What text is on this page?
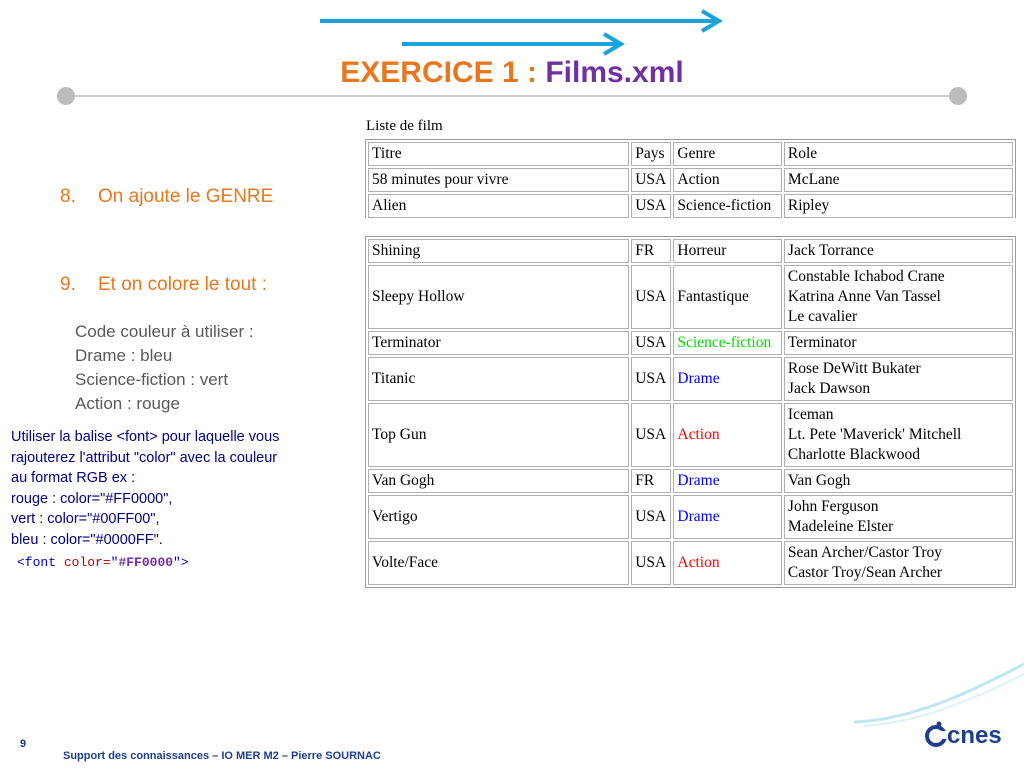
EXERCICE 1 : Films.xml
8. On ajoute le GENRE
9. Et on colore le tout :
Code couleur à utiliser :
Drame : bleu
Science-fiction : vert
Action : rouge
Utiliser la balise <font> pour laquelle vous
rajouterez l'attribut "color" avec la couleur
au format RGB ex :
rouge : color="#FF0000",
vert : color="#00FF00",
bleu : color="#0000FF".
<font color="#FF0000">
Liste de film
Titre	Pays	Genre	Role
58 minutes pour vivre	USA	Action	McLane

Alien	USA	Science-fiction	Ripley
Shining	FR	Horreur	Jack Torrance

Sleepy Hollow	USA	Fantastique	Constable Ichabod Crane
Katrina Anne Van Tassel
Le cavalier

Terminator	USA	Science-fiction	Terminator

Titanic	USA	Drame	Rose DeWitt Bukater
Jack Dawson

Top Gun	USA	Action	Iceman
Lt. Pete 'Maverick' Mitchell
Charlotte Blackwood

Van Gogh	FR	Drame	Van Gogh

Vertigo	USA	Drame	John Ferguson
Madeleine Elster

Volte/Face	USA	Action	Sean Archer/Castor Troy
Castor Troy/Sean Archer
9
Support des connaissances – IO MER M2 – Pierre SOURNAC
cnes
